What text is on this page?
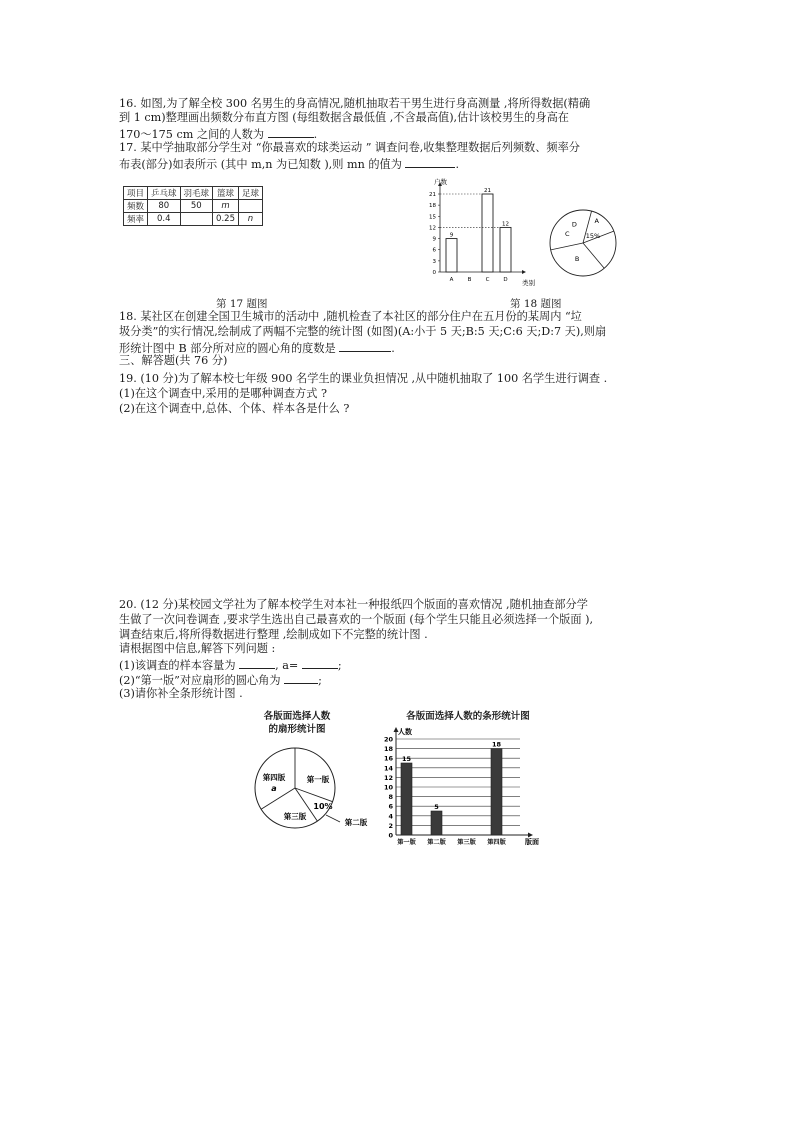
16. 如图,为了解全校 300 名男生的身高情况,随机抽取若干男生进行身高测量 ,将所得数据(精确
到 1 cm)整理画出频数分布直方图 (每组数据含最低值 ,不含最高值),估计该校男生的身高在
170～175 cm 之间的人数为	.
17. 某中学抽取部分学生对 “你最喜欢的球类运动 ” 调查问卷,收集整理数据后列频数、频率分
布表(部分)如表所示 (其中 m,n 为已知数 ),则 mn 的值为	.
项目	乒乓球	羽毛球	篮球	足球
频数	80	50	m	
频率	0.4		0.25	n
0
3
6
9
12
15
18
21
A
9
B	C
21
D
12
户数
类别
A
B
C
D
15%
第 17 题图	第 18 题图
18. 某社区在创建全国卫生城市的活动中 ,随机检查了本社区的部分住户在五月份的某周内 “垃
圾分类”的实行情况,绘制成了两幅不完整的统计图 (如图)(A:小于 5 天;B:5 天;C:6 天;D:7 天),则扇
形统计图中 B 部分所对应的圆心角的度数是	.
三、解答题(共 76 分)
19. (10 分)为了解本校七年级 900 名学生的课业负担情况 ,从中随机抽取了 100 名学生进行调查 .
(1)在这个调查中,采用的是哪种调查方式 ?
(2)在这个调查中,总体、个体、样本各是什么 ?
20. (12 分)某校园文学社为了解本校学生对本社一种报纸四个版面的喜欢情况 ,随机抽查部分学
生做了一次问卷调查 ,要求学生选出自己最喜欢的一个版面 (每个学生只能且必须选择一个版面 ),
调查结束后,将所得数据进行整理 ,绘制成如下不完整的统计图 .
请根据图中信息,解答下列问题 :
(1)该调查的样本容量为	, a=	;
(2)“第一版”对应扇形的圆心角为	;
(3)请你补全条形统计图 .
各版面选择人数
的扇形统计图
第一版
第四版
a
第三版
10%
第二版
各版面选择人数的条形统计图
0
2
4
6
8
10
12
14
16
18
20
第一版
15
第二版
5
第三版 第四版
18
人数
版面
